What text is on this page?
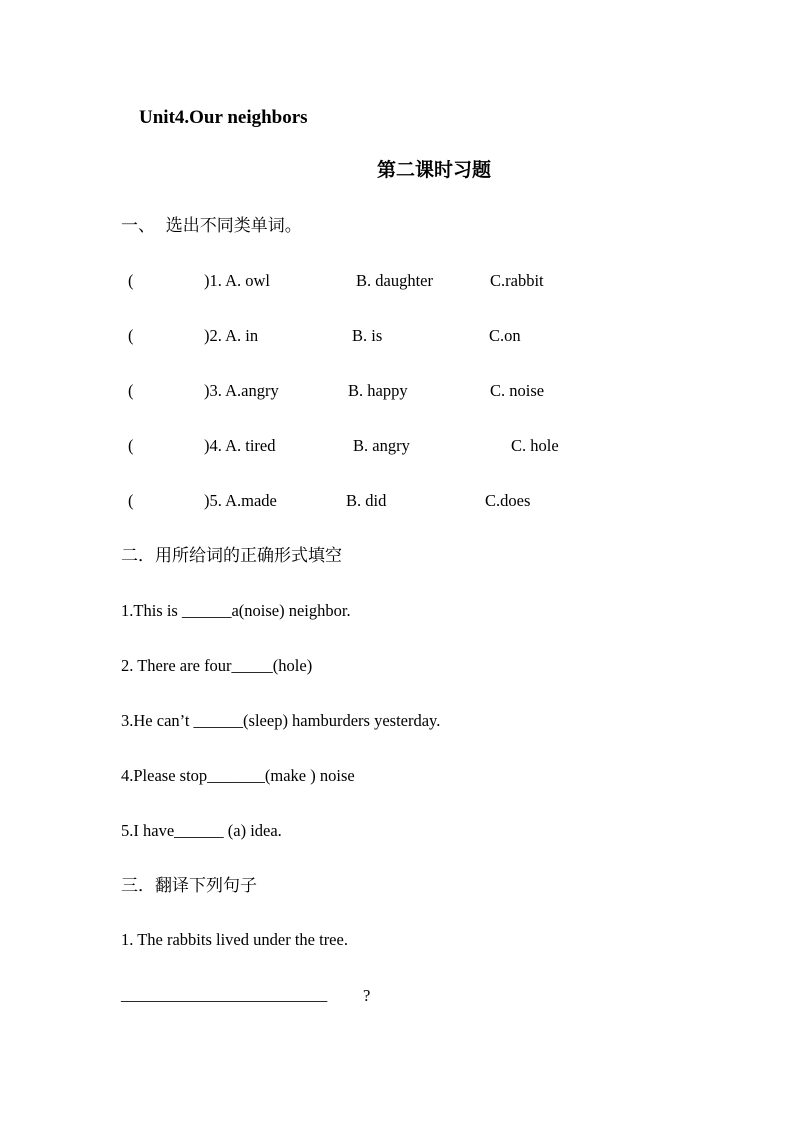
Unit4.Our neighbors
第二课时习题
一、  选出不同类单词。
(	)1. A. owl	B. daughter	C.rabbit
(	)2. A. in	B. is	C.on
(	)3. A.angry	B. happy	C. noise
(	)4. A. tired	B. angry	C. hole
(	)5. A.made	B. did	C.does
二．用所给词的正确形式填空
1.This is ______a(noise) neighbor.
2. There are four_____(hole)
3.He can’t ______(sleep) hamburders yesterday.
4.Please stop_______(make ) noise
5.I have______ (a) idea.
三．翻译下列句子
1. The rabbits lived under the tree.
_________________________ ?
